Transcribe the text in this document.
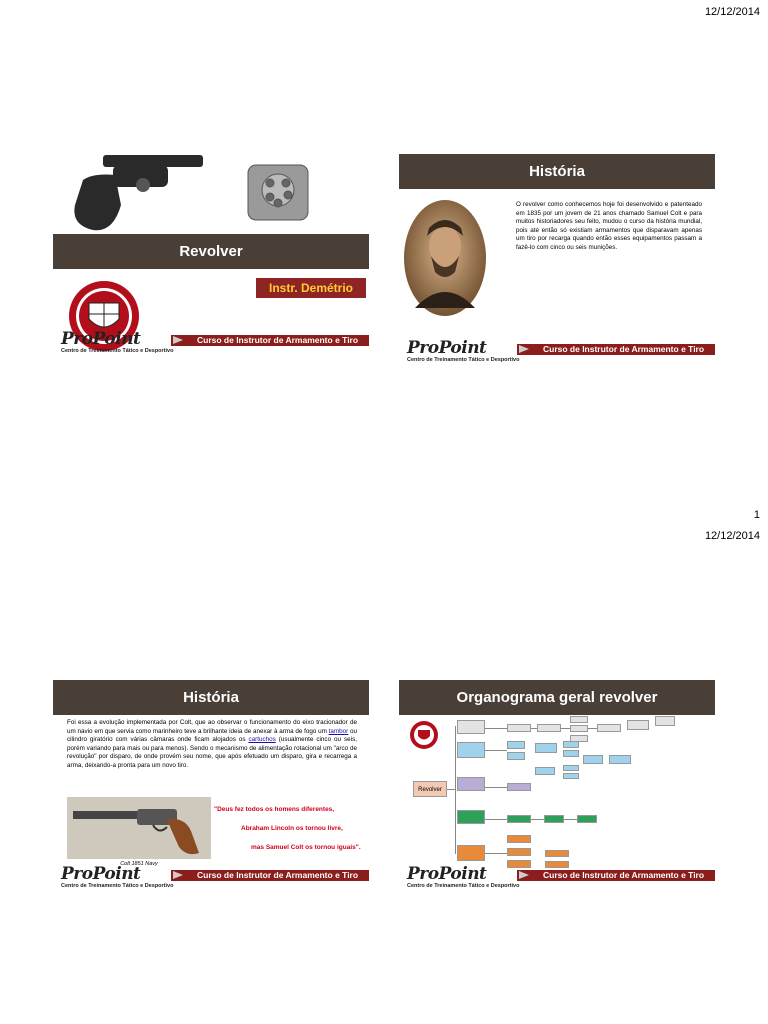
12/12/2014
Revolver
Instr. Demétrio
ProPoint	Curso de Instrutor de Armamento e Tiro
Centro de Treinamento Tático e Desportivo
História
O revolver como conhecemos hoje foi desenvolvido e patenteado em 1835 por um jovem de 21 anos chamado Samuel Colt e para muitos historiadores seu feito, mudou o curso da história mundial, pois até então só existiam armamentos que disparavam apenas um tiro por recarga quando então esses equipamentos passam a fazê-lo com cinco ou seis munições.
ProPoint	Curso de Instrutor de Armamento e Tiro
Centro de Treinamento Tático e Desportivo
1
12/12/2014
História
Foi essa a evolução implementada por Colt, que ao observar o funcionamento do eixo tracionador de um navio em que servia como marinheiro teve a brilhante ideia de anexar à arma de fogo um tambor ou cilindro giratório com várias câmaras onde ficam alojados os cartuchos (usualmente cinco ou seis, porém variando para mais ou para menos). Sendo o mecanismo de alimentação rotacional um "arco de revolução" por disparo, de onde provém seu nome, que após efetuado um disparo, gira e recarrega a arma, deixando-a pronta para um novo tiro.
Colt 1851 Navy
"Deus fez todos os homens diferentes,
Abraham Lincoln os tornou livre,
mas Samuel Colt os tornou iguais".
ProPoint	Curso de Instrutor de Armamento e Tiro
Centro de Treinamento Tático e Desportivo
Organograma geral revolver
Revolver
ProPoint	Curso de Instrutor de Armamento e Tiro
Centro de Treinamento Tático e Desportivo
